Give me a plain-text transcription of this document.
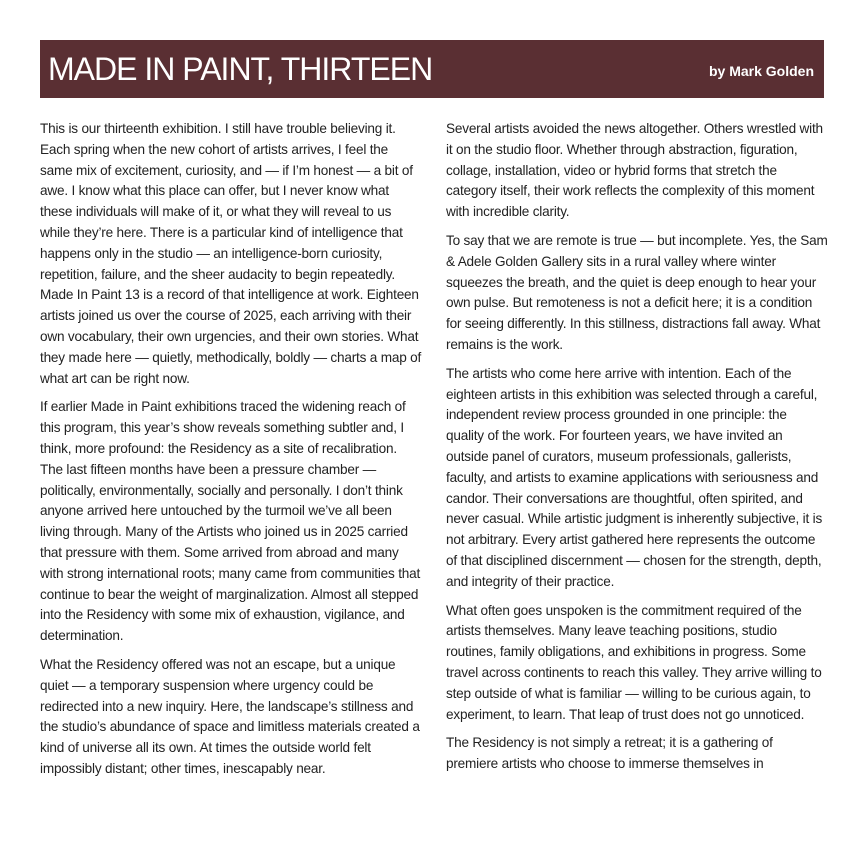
MADE IN PAINT, THIRTEEN	by Mark Golden

This is our thirteenth exhibition. I still have trouble believing it. Each spring when the new cohort of artists arrives, I feel the same mix of excitement, curiosity, and — if I’m honest — a bit of awe. I know what this place can offer, but I never know what these individuals will make of it, or what they will reveal to us while they’re here. There is a particular kind of intelligence that happens only in the studio — an intelligence-born curiosity, repetition, failure, and the sheer audacity to begin repeatedly. Made In Paint 13 is a record of that intelligence at work. Eighteen artists joined us over the course of 2025, each arriving with their own vocabulary, their own urgencies, and their own stories. What they made here — quietly, methodically, boldly — charts a map of what art can be right now.

If earlier Made in Paint exhibitions traced the widening reach of this program, this year’s show reveals something subtler and, I think, more profound: the Residency as a site of recalibration. The last fifteen months have been a pressure chamber — politically, environmentally, socially and personally. I don’t think anyone arrived here untouched by the turmoil we’ve all been living through. Many of the Artists who joined us in 2025 carried that pressure with them. Some arrived from abroad and many with strong international roots; many came from communities that continue to bear the weight of marginalization. Almost all stepped into the Residency with some mix of exhaustion, vigilance, and determination.

What the Residency offered was not an escape, but a unique quiet — a temporary suspension where urgency could be redirected into a new inquiry. Here, the landscape’s stillness and the studio’s abundance of space and limitless materials created a kind of universe all its own. At times the outside world felt impossibly distant; other times, inescapably near.

Several artists avoided the news altogether. Others wrestled with it on the studio floor. Whether through abstraction, figuration, collage, installation, video or hybrid forms that stretch the category itself, their work reflects the complexity of this moment with incredible clarity.

To say that we are remote is true — but incomplete. Yes, the Sam & Adele Golden Gallery sits in a rural valley where winter squeezes the breath, and the quiet is deep enough to hear your own pulse. But remoteness is not a deficit here; it is a condition for seeing differently. In this stillness, distractions fall away. What remains is the work.

The artists who come here arrive with intention. Each of the eighteen artists in this exhibition was selected through a careful, independent review process grounded in one principle: the quality of the work. For fourteen years, we have invited an outside panel of curators, museum professionals, gallerists, faculty, and artists to examine applications with seriousness and candor. Their conversations are thoughtful, often spirited, and never casual. While artistic judgment is inherently subjective, it is not arbitrary. Every artist gathered here represents the outcome of that disciplined discernment — chosen for the strength, depth, and integrity of their practice.

What often goes unspoken is the commitment required of the artists themselves. Many leave teaching positions, studio routines, family obligations, and exhibitions in progress. Some travel across continents to reach this valley. They arrive willing to step outside of what is familiar — willing to be curious again, to experiment, to learn. That leap of trust does not go unnoticed.

The Residency is not simply a retreat; it is a gathering of premiere artists who choose to immerse themselves in
